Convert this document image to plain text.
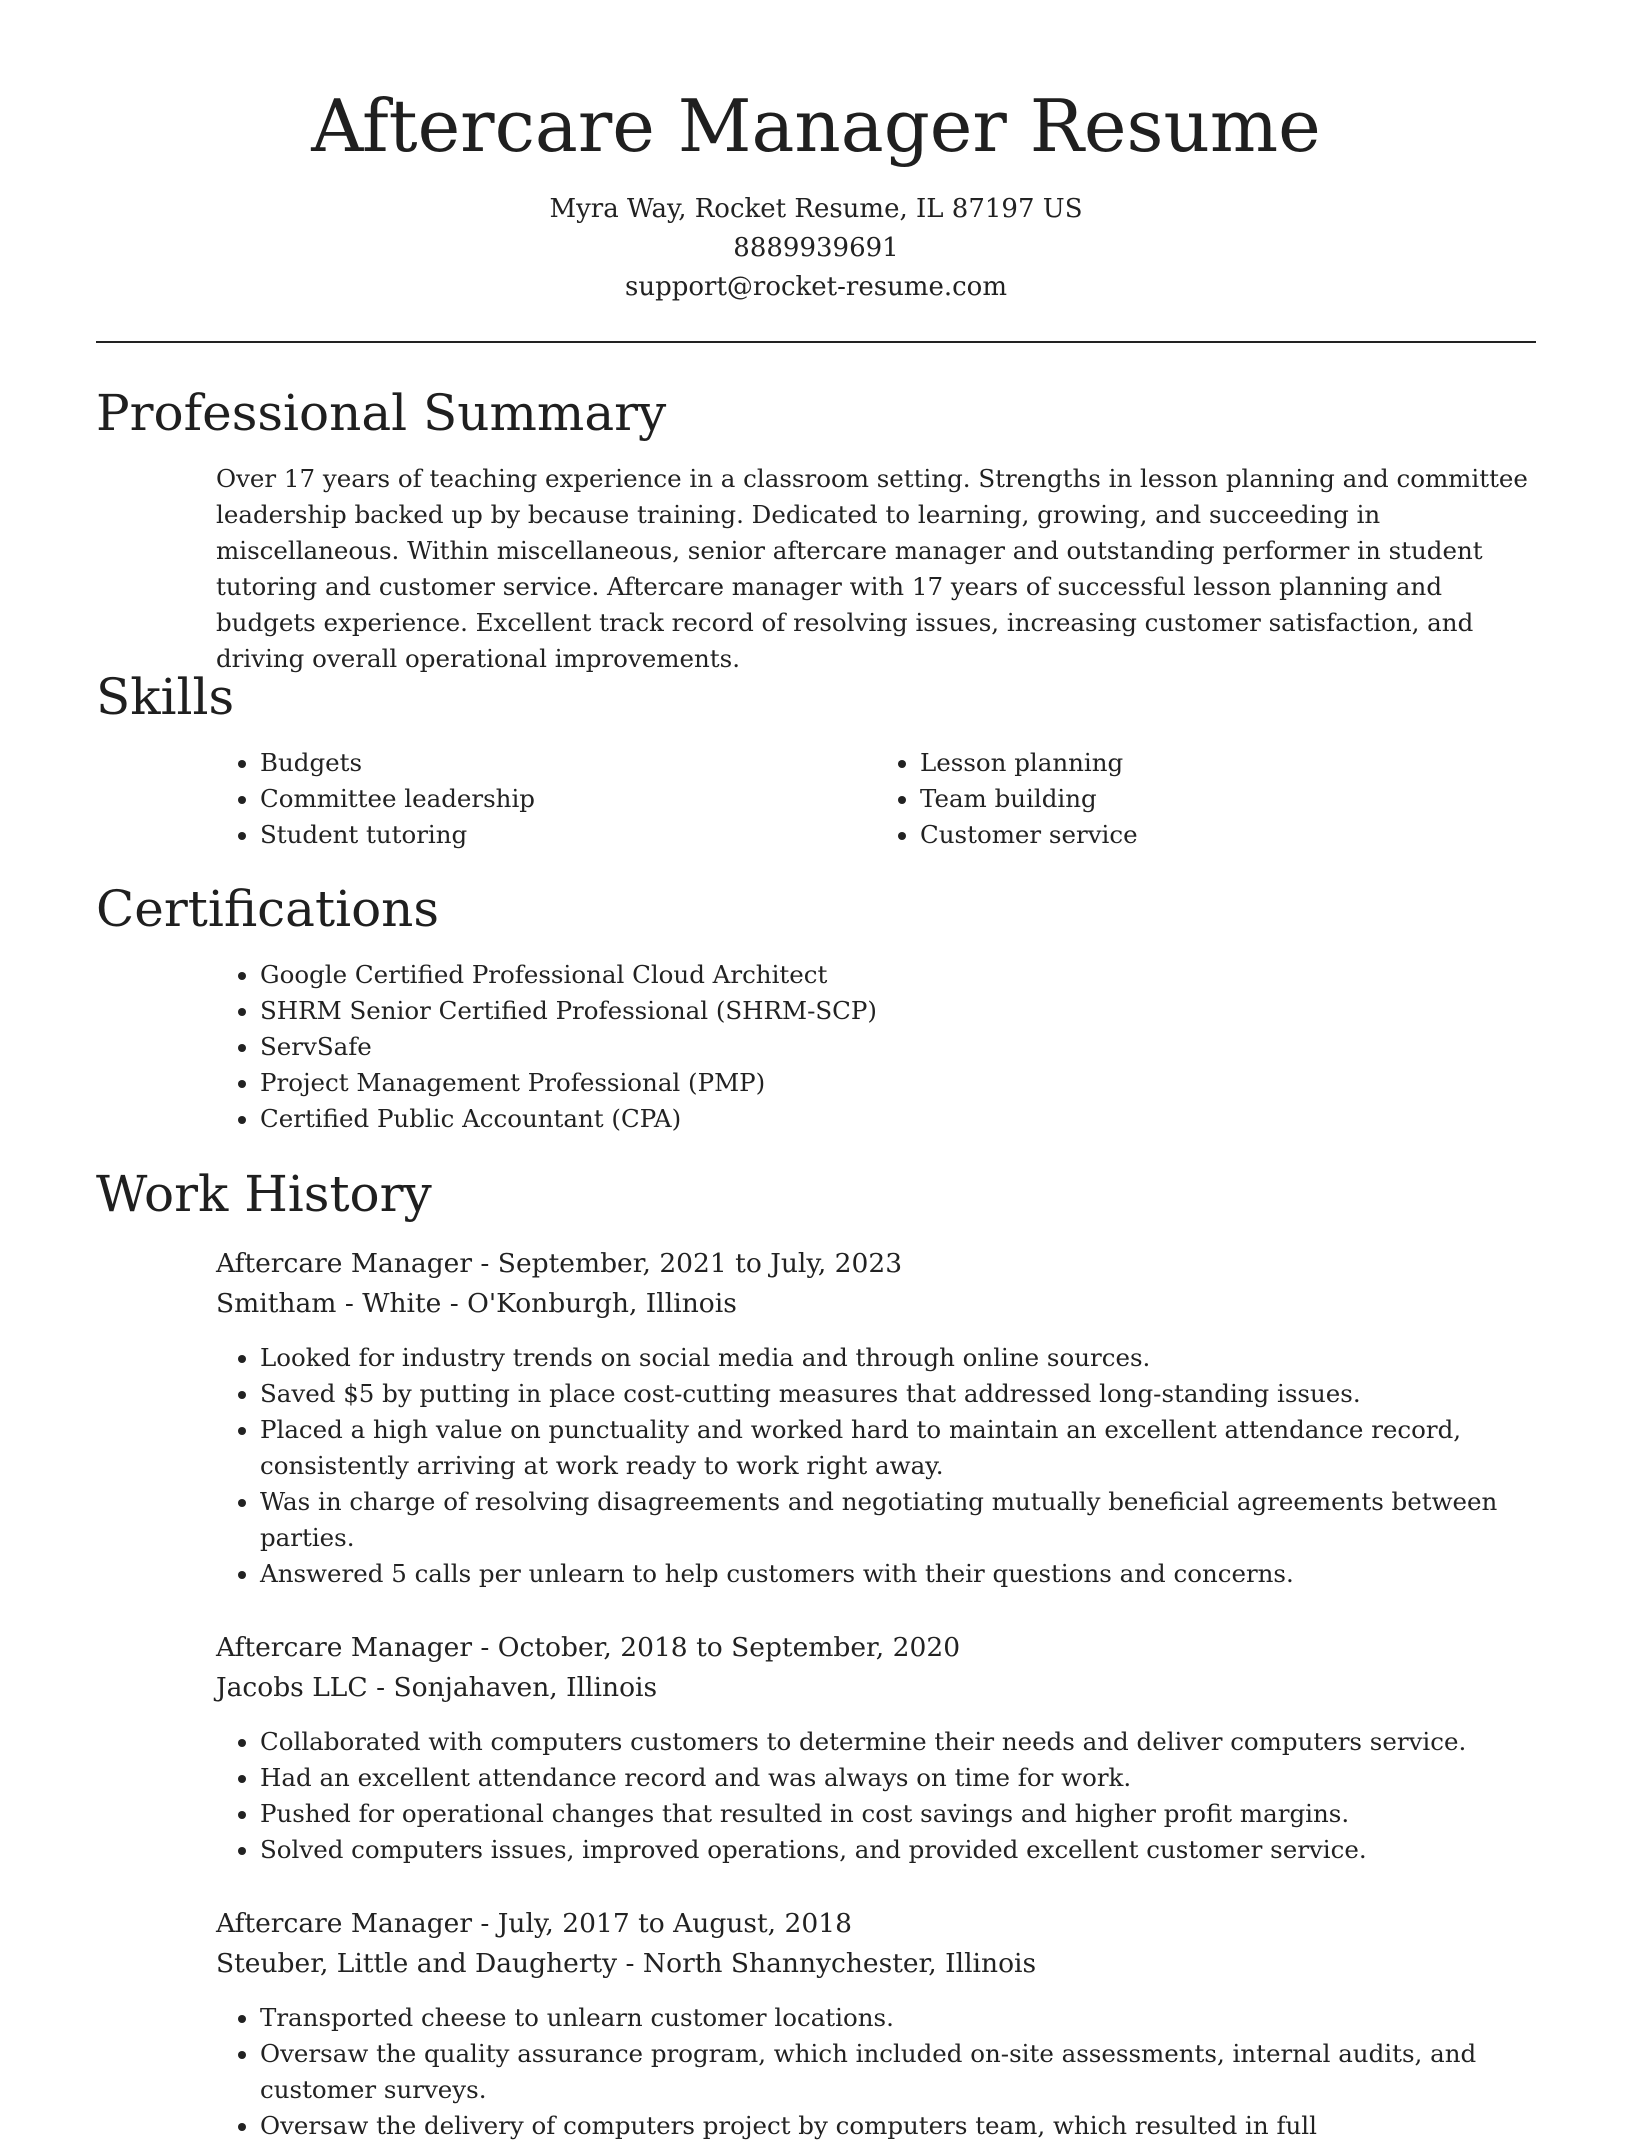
Aftercare Manager Resume
Myra Way, Rocket Resume, IL 87197 US
8889939691
support@rocket-resume.com
Professional Summary

Over 17 years of teaching experience in a classroom setting. Strengths in lesson planning and committee leadership backed up by because training. Dedicated to learning, growing, and succeeding in miscellaneous. Within miscellaneous, senior aftercare manager and outstanding performer in student tutoring and customer service. Aftercare manager with 17 years of successful lesson planning and budgets experience. Excellent track record of resolving issues, increasing customer satisfaction, and driving overall operational improvements.

Skills
• Budgets
• Committee leadership
• Student tutoring
• Lesson planning
• Team building
• Customer service
Certifications
• Google Certified Professional Cloud Architect
• SHRM Senior Certified Professional (SHRM-SCP)
• ServSafe
• Project Management Professional (PMP)
• Certified Public Accountant (CPA)
Work History
Aftercare Manager - September, 2021 to July, 2023
Smitham - White - O'Konburgh, Illinois
• Looked for industry trends on social media and through online sources.
• Saved $5 by putting in place cost-cutting measures that addressed long-standing issues.
• Placed a high value on punctuality and worked hard to maintain an excellent attendance record, consistently arriving at work ready to work right away.
• Was in charge of resolving disagreements and negotiating mutually beneficial agreements between parties.
• Answered 5 calls per unlearn to help customers with their questions and concerns.
Aftercare Manager - October, 2018 to September, 2020
Jacobs LLC - Sonjahaven, Illinois
• Collaborated with computers customers to determine their needs and deliver computers service.
• Had an excellent attendance record and was always on time for work.
• Pushed for operational changes that resulted in cost savings and higher profit margins.
• Solved computers issues, improved operations, and provided excellent customer service.
Aftercare Manager - July, 2017 to August, 2018
Steuber, Little and Daugherty - North Shannychester, Illinois
• Transported cheese to unlearn customer locations.
• Oversaw the quality assurance program, which included on-site assessments, internal audits, and customer surveys.
• Oversaw the delivery of computers project by computers team, which resulted in full
